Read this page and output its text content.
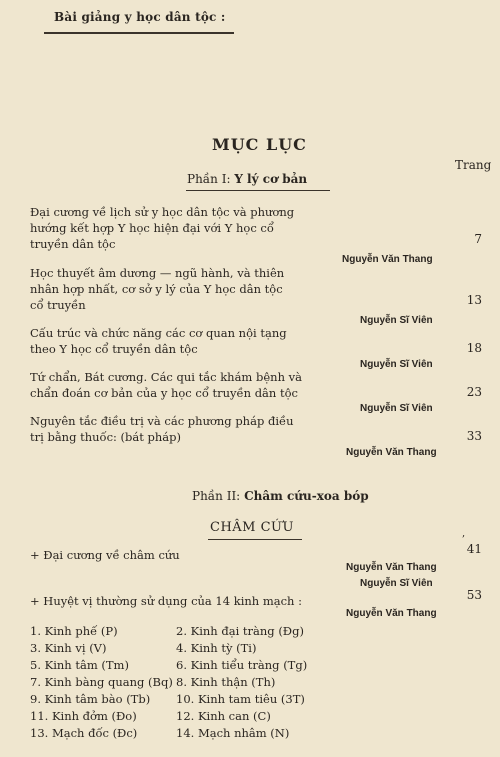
Bài giảng y học dân tộc :
MỤC LỤC
Trang
Phần I: Y lý cơ bản
Đại cương về lịch sử y học dân tộc và phương
hướng kết hợp Y học hiện đại với Y học cổ
truyền dân tộc
Nguyễn Văn Thang
7
Học thuyết âm dương — ngũ hành, và thiên
nhân hợp nhất, cơ sở y lý của Y học dân tộc
cổ truyền
Nguyễn Sĩ Viên
13
Cấu trúc và chức năng các cơ quan nội tạng
theo Y học cổ truyền dân tộc
Nguyễn Sĩ Viên
18
Tứ chẩn, Bát cương. Các qui tắc khám bệnh và
chẩn đoán cơ bản của y học cổ truyền dân tộc
Nguyễn Sĩ Viên
23
Nguyên tắc điều trị và các phương pháp điều
trị bằng thuốc: (bát pháp)
Nguyễn Văn Thang
33
Phần II: Châm cứu-xoa bóp
CHÂM CỨU	,
+ Đại cương về châm cứu
Nguyễn Văn Thang
Nguyễn Sĩ Viên
41
+ Huyệt vị thường sử dụng của 14 kinh mạch :
Nguyễn Văn Thang
53
1. Kinh phế (P)
3. Kinh vị (V)
5. Kinh tâm (Tm)
7. Kinh bàng quang (Bq)
9. Kinh tâm bào (Tb)
11. Kinh đởm (Đo)
13. Mạch đốc (Đc)
2. Kinh đại tràng (Đg)
4. Kinh tỳ (Ti)
6. Kinh tiểu tràng (Tg)
8. Kinh thận (Th)
10. Kinh tam tiêu (3T)
12. Kinh can (C)
14. Mạch nhâm (N)
